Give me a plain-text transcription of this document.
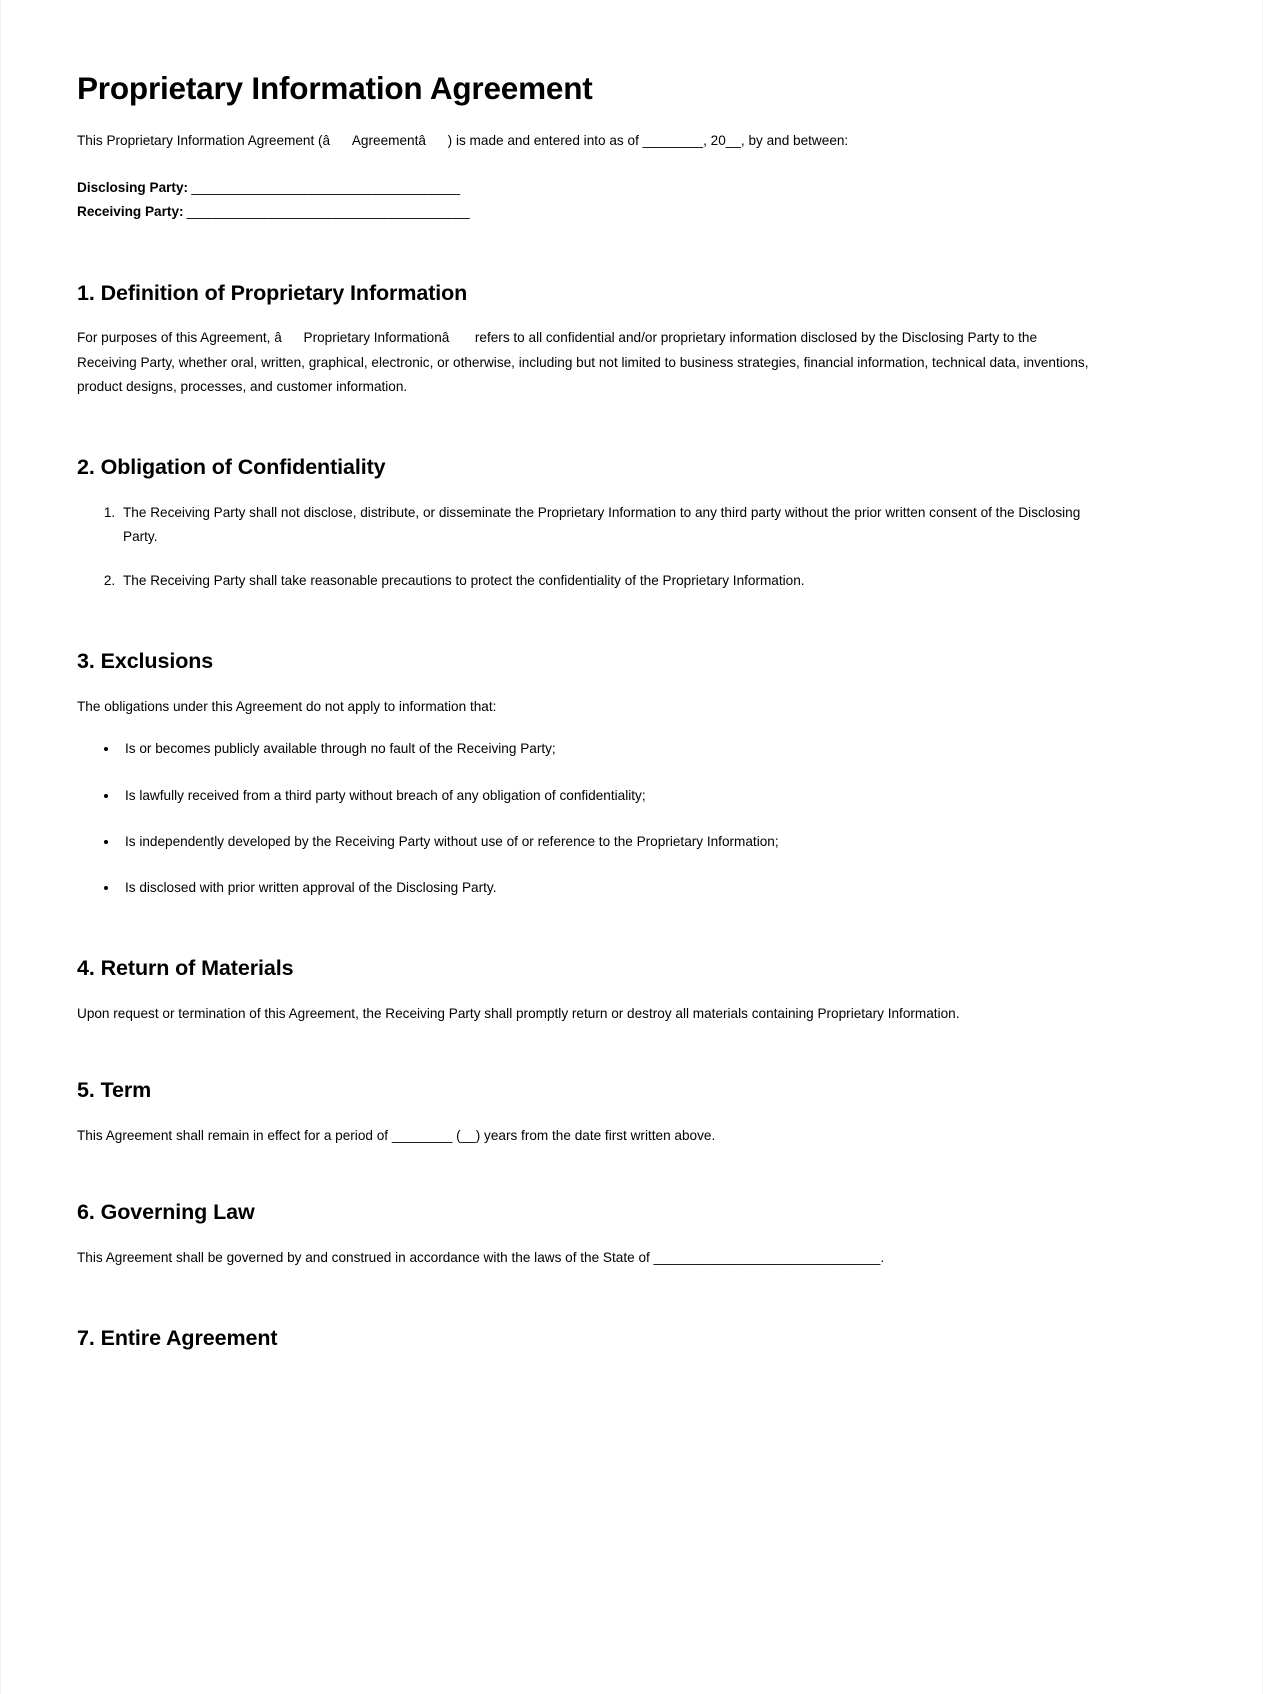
Proprietary Information Agreement

This Proprietary Information Agreement (âAgreementâ) is made and entered into as of ________, 20__, by and between:

Disclosing Party: ______________________________________

Receiving Party: ________________________________________

1. Definition of Proprietary Information

For purposes of this Agreement, âProprietary Informationâ refers to all confidential and/or proprietary information disclosed by the Disclosing Party to the Receiving Party, whether oral, written, graphical, electronic, or otherwise, including but not limited to business strategies, financial information, technical data, inventions, product designs, processes, and customer information.

2. Obligation of Confidentiality
1. The Receiving Party shall not disclose, distribute, or disseminate the Proprietary Information to any third party without the prior written consent of the Disclosing Party.
2. The Receiving Party shall take reasonable precautions to protect the confidentiality of the Proprietary Information.
3. Exclusions

The obligations under this Agreement do not apply to information that:

• Is or becomes publicly available through no fault of the Receiving Party;
• Is lawfully received from a third party without breach of any obligation of confidentiality;
• Is independently developed by the Receiving Party without use of or reference to the Proprietary Information;
• Is disclosed with prior written approval of the Disclosing Party.
4. Return of Materials

Upon request or termination of this Agreement, the Receiving Party shall promptly return or destroy all materials containing Proprietary Information.

5. Term

This Agreement shall remain in effect for a period of ________ (__) years from the date first written above.

6. Governing Law

This Agreement shall be governed by and construed in accordance with the laws of the State of ______________________________.

7. Entire Agreement
